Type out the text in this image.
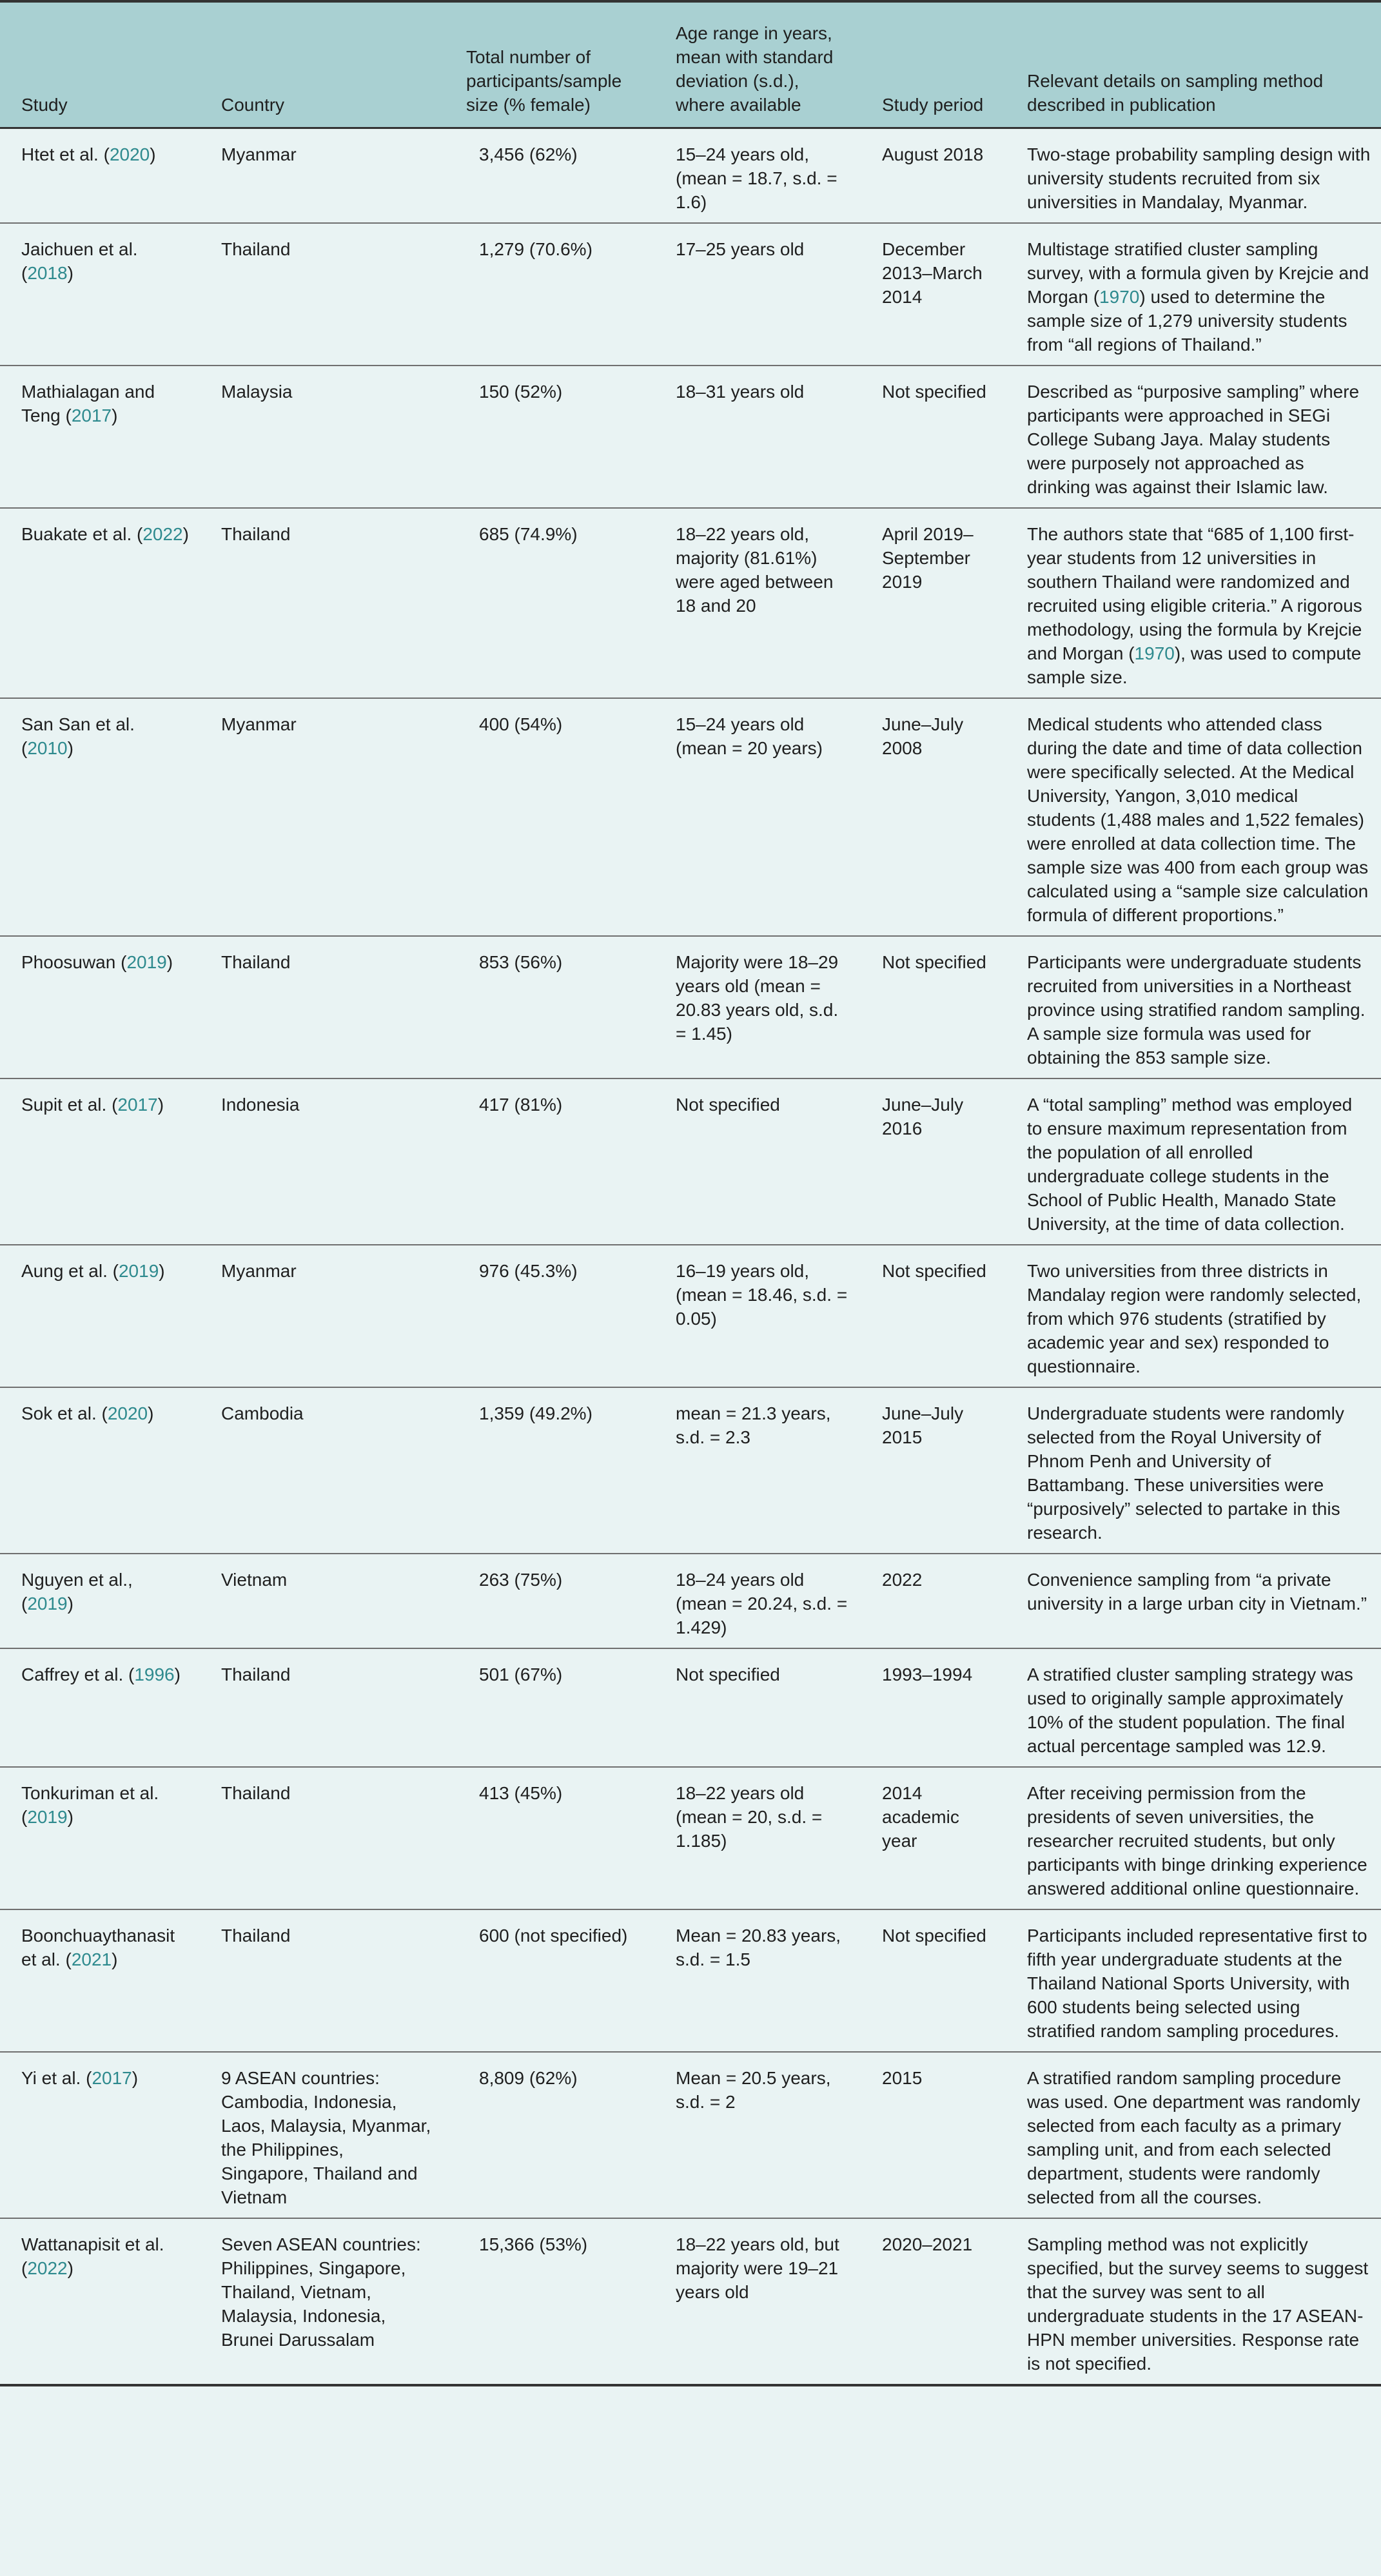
Study	Country	Total number of participants/sample size (% female)	Age range in years, mean with standard deviation (s.d.), where available	Study period	Relevant details on sampling method described in publication
Htet et al. (2020)	Myanmar	3,456 (62%)	15–24 years old, (mean = 18.7, s.d. = 1.6)	August 2018	Two-stage probability sampling design with university students recruited from six universities in Mandalay, Myanmar.
Jaichuen et al. (2018)	Thailand	1,279 (70.6%)	17–25 years old	December 2013–March 2014	Multistage stratified cluster sampling survey, with a formula given by Krejcie and Morgan (1970) used to determine the sample size of 1,279 university students from “all regions of Thailand.”
Mathialagan and Teng (2017)	Malaysia	150 (52%)	18–31 years old	Not specified	Described as “purposive sampling” where participants were approached in SEGi College Subang Jaya. Malay students were purposely not approached as drinking was against their Islamic law.
Buakate et al. (2022)	Thailand	685 (74.9%)	18–22 years old, majority (81.61%) were aged between 18 and 20	April 2019–September 2019	The authors state that “685 of 1,100 first-year students from 12 universities in southern Thailand were randomized and recruited using eligible criteria.” A rigorous methodology, using the formula by Krejcie and Morgan (1970), was used to compute sample size.
San San et al. (2010)	Myanmar	400 (54%)	15–24 years old (mean = 20 years)	June–July 2008	Medical students who attended class during the date and time of data collection were specifically selected. At the Medical University, Yangon, 3,010 medical students (1,488 males and 1,522 females) were enrolled at data collection time. The sample size was 400 from each group was calculated using a “sample size calculation formula of different proportions.”
Phoosuwan (2019)	Thailand	853 (56%)	Majority were 18–29 years old (mean = 20.83 years old, s.d. = 1.45)	Not specified	Participants were undergraduate students recruited from universities in a Northeast province using stratified random sampling. A sample size formula was used for obtaining the 853 sample size.
Supit et al. (2017)	Indonesia	417 (81%)	Not specified	June–July 2016	A “total sampling” method was employed to ensure maximum representation from the population of all enrolled undergraduate college students in the School of Public Health, Manado State University, at the time of data collection.
Aung et al. (2019)	Myanmar	976 (45.3%)	16–19 years old, (mean = 18.46, s.d. = 0.05)	Not specified	Two universities from three districts in Mandalay region were randomly selected, from which 976 students (stratified by academic year and sex) responded to questionnaire.
Sok et al. (2020)	Cambodia	1,359 (49.2%)	mean = 21.3 years, s.d. = 2.3	June–July 2015	Undergraduate students were randomly selected from the Royal University of Phnom Penh and University of Battambang. These universities were “purposively” selected to partake in this research.
Nguyen et al., (2019)	Vietnam	263 (75%)	18–24 years old (mean = 20.24, s.d. = 1.429)	2022	Convenience sampling from “a private university in a large urban city in Vietnam.”
Caffrey et al. (1996)	Thailand	501 (67%)	Not specified	1993–1994	A stratified cluster sampling strategy was used to originally sample approximately 10% of the student population. The final actual percentage sampled was 12.9.
Tonkuriman et al. (2019)	Thailand	413 (45%)	18–22 years old (mean = 20, s.d. = 1.185)	2014 academic year	After receiving permission from the presidents of seven universities, the researcher recruited students, but only participants with binge drinking experience answered additional online questionnaire.
Boonchuaythanasit et al. (2021)	Thailand	600 (not specified)	Mean = 20.83 years, s.d. = 1.5	Not specified	Participants included representative first to fifth year undergraduate students at the Thailand National Sports University, with 600 students being selected using stratified random sampling procedures.
Yi et al. (2017)	9 ASEAN countries: Cambodia, Indonesia, Laos, Malaysia, Myanmar, the Philippines, Singapore, Thailand and Vietnam	8,809 (62%)	Mean = 20.5 years, s.d. = 2	2015	A stratified random sampling procedure was used. One department was randomly selected from each faculty as a primary sampling unit, and from each selected department, students were randomly selected from all the courses.
Wattanapisit et al. (2022)	Seven ASEAN countries: Philippines, Singapore, Thailand, Vietnam, Malaysia, Indonesia, Brunei Darussalam	15,366 (53%)	18–22 years old, but majority were 19–21 years old	2020–2021	Sampling method was not explicitly specified, but the survey seems to suggest that the survey was sent to all undergraduate students in the 17 ASEAN-HPN member universities. Response rate is not specified.
